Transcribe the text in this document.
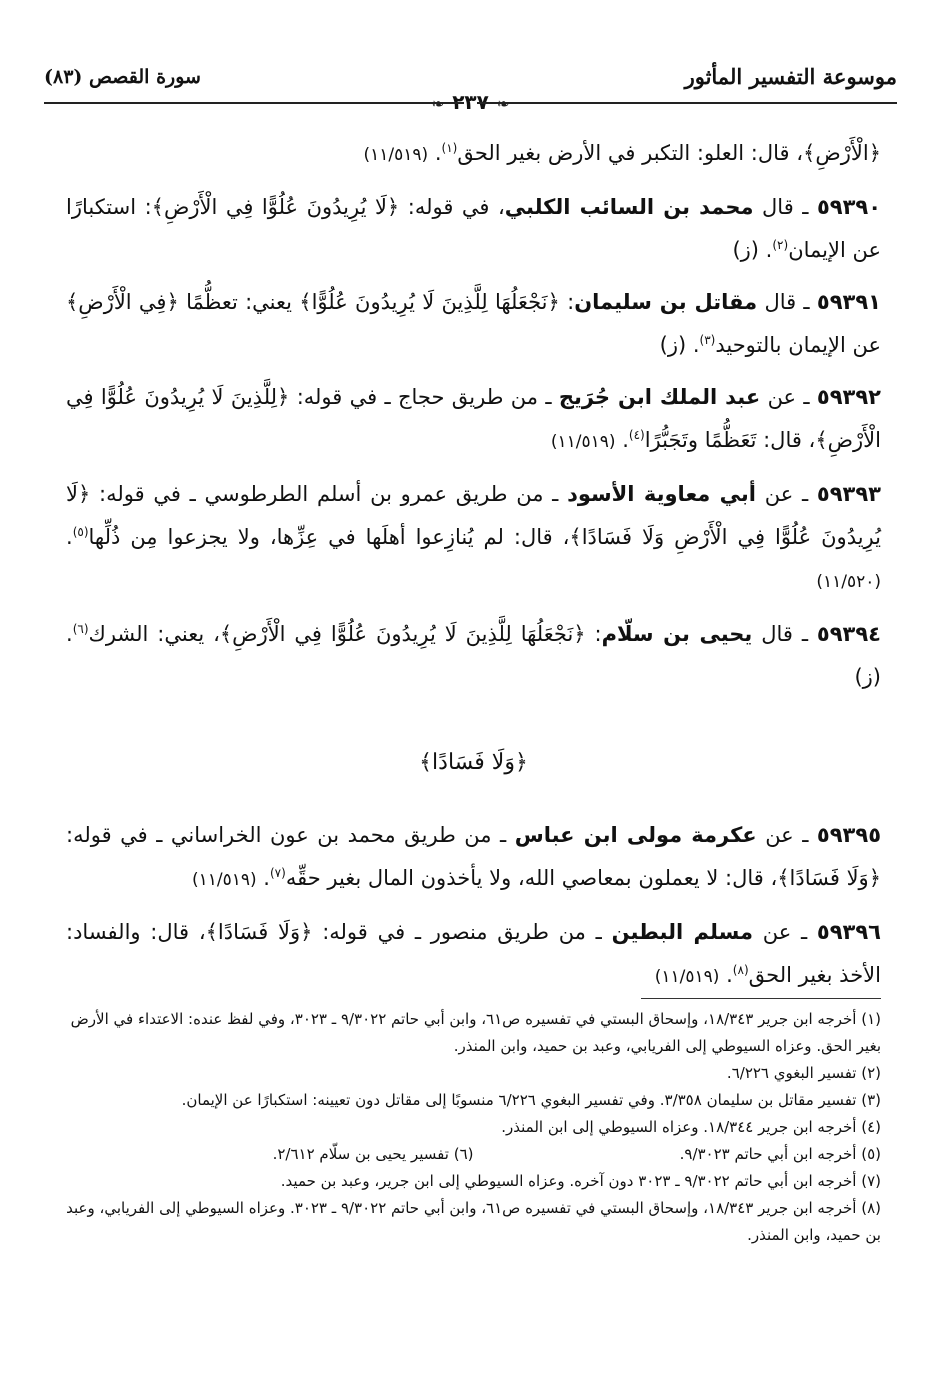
موسوعة التفسير المأثور
سورة القصص (٨٣)
❧٢٣٧❧

﴿الْأَرْضِ﴾، قال: العلو: التكبر في الأرض بغير الحق$^{(١)}$. (١١/٥١٩)

٥٩٣٩٠ ـ قال محمد بن السائب الكلبي، في قوله: ﴿لَا يُرِيدُونَ عُلُوًّا فِي الْأَرْضِ﴾: استكبارًا عن الإيمان$^{(٢)}$. (ز)

٥٩٣٩١ ـ قال مقاتل بن سليمان: ﴿نَجْعَلُهَا لِلَّذِينَ لَا يُرِيدُونَ عُلُوًّا﴾ يعني: تعظُّمًا ﴿فِي الْأَرْضِ﴾ عن الإيمان بالتوحيد$^{(٣)}$. (ز)

٥٩٣٩٢ ـ عن عبد الملك ابن جُرَيج ـ من طريق حجاج ـ في قوله: ﴿لِلَّذِينَ لَا يُرِيدُونَ عُلُوًّا فِي الْأَرْضِ﴾، قال: تَعَظُّمًا وتَجَبُّرًا$^{(٤)}$. (١١/٥١٩)

٥٩٣٩٣ ـ عن أبي معاوية الأسود ـ من طريق عمرو بن أسلم الطرطوسي ـ في قوله: ﴿لَا يُرِيدُونَ عُلُوًّا فِي الْأَرْضِ وَلَا فَسَادًا﴾، قال: لم يُنازِعوا أهلَها في عِزِّها، ولا يجزعوا مِن ذُلِّها$^{(٥)}$. (١١/٥٢٠)

٥٩٣٩٤ ـ قال يحيى بن سلّام: ﴿نَجْعَلُهَا لِلَّذِينَ لَا يُرِيدُونَ عُلُوًّا فِي الْأَرْضِ﴾، يعني: الشرك$^{(٦)}$. (ز)

﴿وَلَا فَسَادًا﴾

٥٩٣٩٥ ـ عن عكرمة مولى ابن عباس ـ من طريق محمد بن عون الخراساني ـ في قوله: ﴿وَلَا فَسَادًا﴾، قال: لا يعملون بمعاصي الله، ولا يأخذون المال بغير حقِّه$^{(٧)}$. (١١/٥١٩)

٥٩٣٩٦ ـ عن مسلم البطين ـ من طريق منصور ـ في قوله: ﴿وَلَا فَسَادًا﴾، قال: والفساد: الأخذ بغير الحق$^{(٨)}$. (١١/٥١٩)

(١) أخرجه ابن جرير ١٨/٣٤٣، وإسحاق البستي في تفسيره ص٦١، وابن أبي حاتم ٩/٣٠٢٢ ـ ٣٠٢٣، وفي لفظ عنده: الاعتداء في الأرض بغير الحق. وعزاه السيوطي إلى الفريابي، وعبد بن حميد، وابن المنذر.

(٢) تفسير البغوي ٦/٢٢٦.

(٣) تفسير مقاتل بن سليمان ٣/٣٥٨. وفي تفسير البغوي ٦/٢٢٦ منسوبًا إلى مقاتل دون تعيينه: استكبارًا عن الإيمان.

(٤) أخرجه ابن جرير ١٨/٣٤٤. وعزاه السيوطي إلى ابن المنذر.

(٥) أخرجه ابن أبي حاتم ٩/٣٠٢٣.

(٦) تفسير يحيى بن سلّام ٢/٦١٢.

(٧) أخرجه ابن أبي حاتم ٩/٣٠٢٢ ـ ٣٠٢٣ دون آخره. وعزاه السيوطي إلى ابن جرير، وعبد بن حميد.

(٨) أخرجه ابن جرير ١٨/٣٤٣، وإسحاق البستي في تفسيره ص٦١، وابن أبي حاتم ٩/٣٠٢٢ ـ ٣٠٢٣. وعزاه السيوطي إلى الفريابي، وعبد بن حميد، وابن المنذر.
